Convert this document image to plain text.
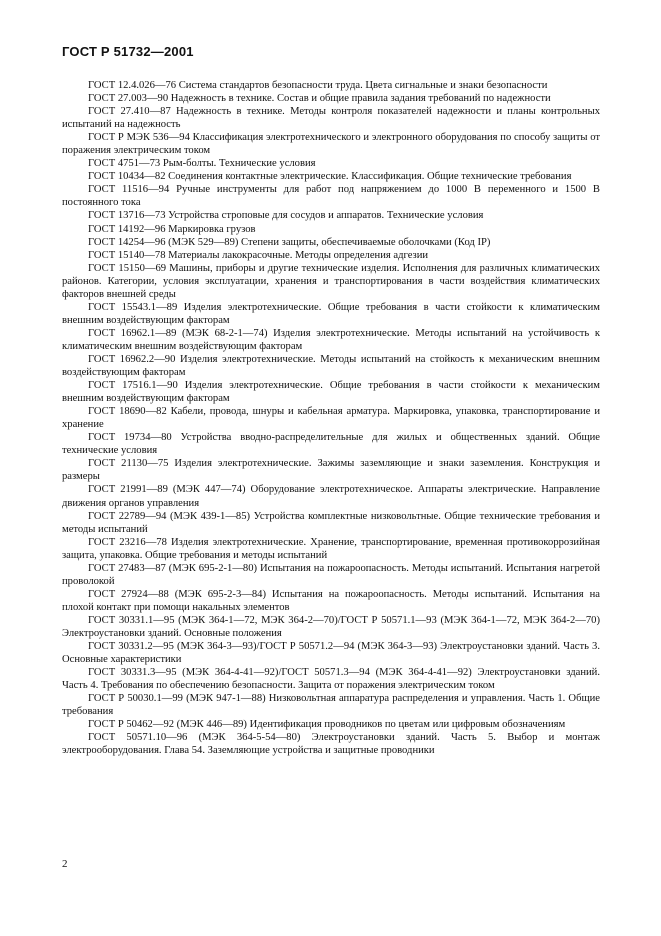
ГОСТ Р 51732—2001

ГОСТ 12.4.026—76 Система стандартов безопасности труда. Цвета сигнальные и знаки безопасности

ГОСТ 27.003—90 Надежность в технике. Состав и общие правила задания требований по надежности

ГОСТ 27.410—87 Надежность в технике. Методы контроля показателей надежности и планы контрольных испытаний на надежность

ГОСТ Р МЭК 536—94 Классификация электротехнического и электронного оборудования по способу защиты от поражения электрическим током

ГОСТ 4751—73 Рым-болты. Технические условия

ГОСТ 10434—82 Соединения контактные электрические. Классификация. Общие технические требования

ГОСТ 11516—94 Ручные инструменты для работ под напряжением до 1000 В переменного и 1500 В постоянного тока

ГОСТ 13716—73 Устройства строповые для сосудов и аппаратов. Технические условия

ГОСТ 14192—96 Маркировка грузов

ГОСТ 14254—96 (МЭК 529—89) Степени защиты, обеспечиваемые оболочками (Код IP)

ГОСТ 15140—78 Материалы лакокрасочные. Методы определения адгезии

ГОСТ 15150—69 Машины, приборы и другие технические изделия. Исполнения для различных климатических районов. Категории, условия эксплуатации, хранения и транспортирования в части воздействия климатических факторов внешней среды

ГОСТ 15543.1—89 Изделия электротехнические. Общие требования в части стойкости к климатическим внешним воздействующим факторам

ГОСТ 16962.1—89 (МЭК 68-2-1—74) Изделия электротехнические. Методы испытаний на устойчивость к климатическим внешним воздействующим факторам

ГОСТ 16962.2—90 Изделия электротехнические. Методы испытаний на стойкость к механическим внешним воздействующим факторам

ГОСТ 17516.1—90 Изделия электротехнические. Общие требования в части стойкости к механическим внешним воздействующим факторам

ГОСТ 18690—82 Кабели, провода, шнуры и кабельная арматура. Маркировка, упаковка, транспортирование и хранение

ГОСТ 19734—80 Устройства вводно-распределительные для жилых и общественных зданий. Общие технические условия

ГОСТ 21130—75 Изделия электротехнические. Зажимы заземляющие и знаки заземления. Конструкция и размеры

ГОСТ 21991—89 (МЭК 447—74) Оборудование электротехническое. Аппараты электрические. Направление движения органов управления

ГОСТ 22789—94 (МЭК 439-1—85) Устройства комплектные низковольтные. Общие технические требования и методы испытаний

ГОСТ 23216—78 Изделия электротехнические. Хранение, транспортирование, временная противокоррозийная защита, упаковка. Общие требования и методы испытаний

ГОСТ 27483—87 (МЭК 695-2-1—80) Испытания на пожароопасность. Методы испытаний. Испытания нагретой проволокой

ГОСТ 27924—88 (МЭК 695-2-3—84) Испытания на пожароопасность. Методы испытаний. Испытания на плохой контакт при помощи накальных элементов

ГОСТ 30331.1—95 (МЭК 364-1—72, МЭК 364-2—70)/ГОСТ Р 50571.1—93 (МЭК 364-1—72, МЭК 364-2—70) Электроустановки зданий. Основные положения

ГОСТ 30331.2—95 (МЭК 364-3—93)/ГОСТ Р 50571.2—94 (МЭК 364-3—93) Электроустановки зданий. Часть 3. Основные характеристики

ГОСТ 30331.3—95 (МЭК 364-4-41—92)/ГОСТ 50571.3—94 (МЭК 364-4-41—92) Электроустановки зданий. Часть 4. Требования по обеспечению безопасности. Защита от поражения электрическим током

ГОСТ Р 50030.1—99 (МЭК 947-1—88) Низковольтная аппаратура распределения и управления. Часть 1. Общие требования

ГОСТ Р 50462—92 (МЭК 446—89) Идентификация проводников по цветам или цифровым обозначениям

ГОСТ 50571.10—96 (МЭК 364-5-54—80) Электроустановки зданий. Часть 5. Выбор и монтаж электрооборудования. Глава 54. Заземляющие устройства и защитные проводники

2
